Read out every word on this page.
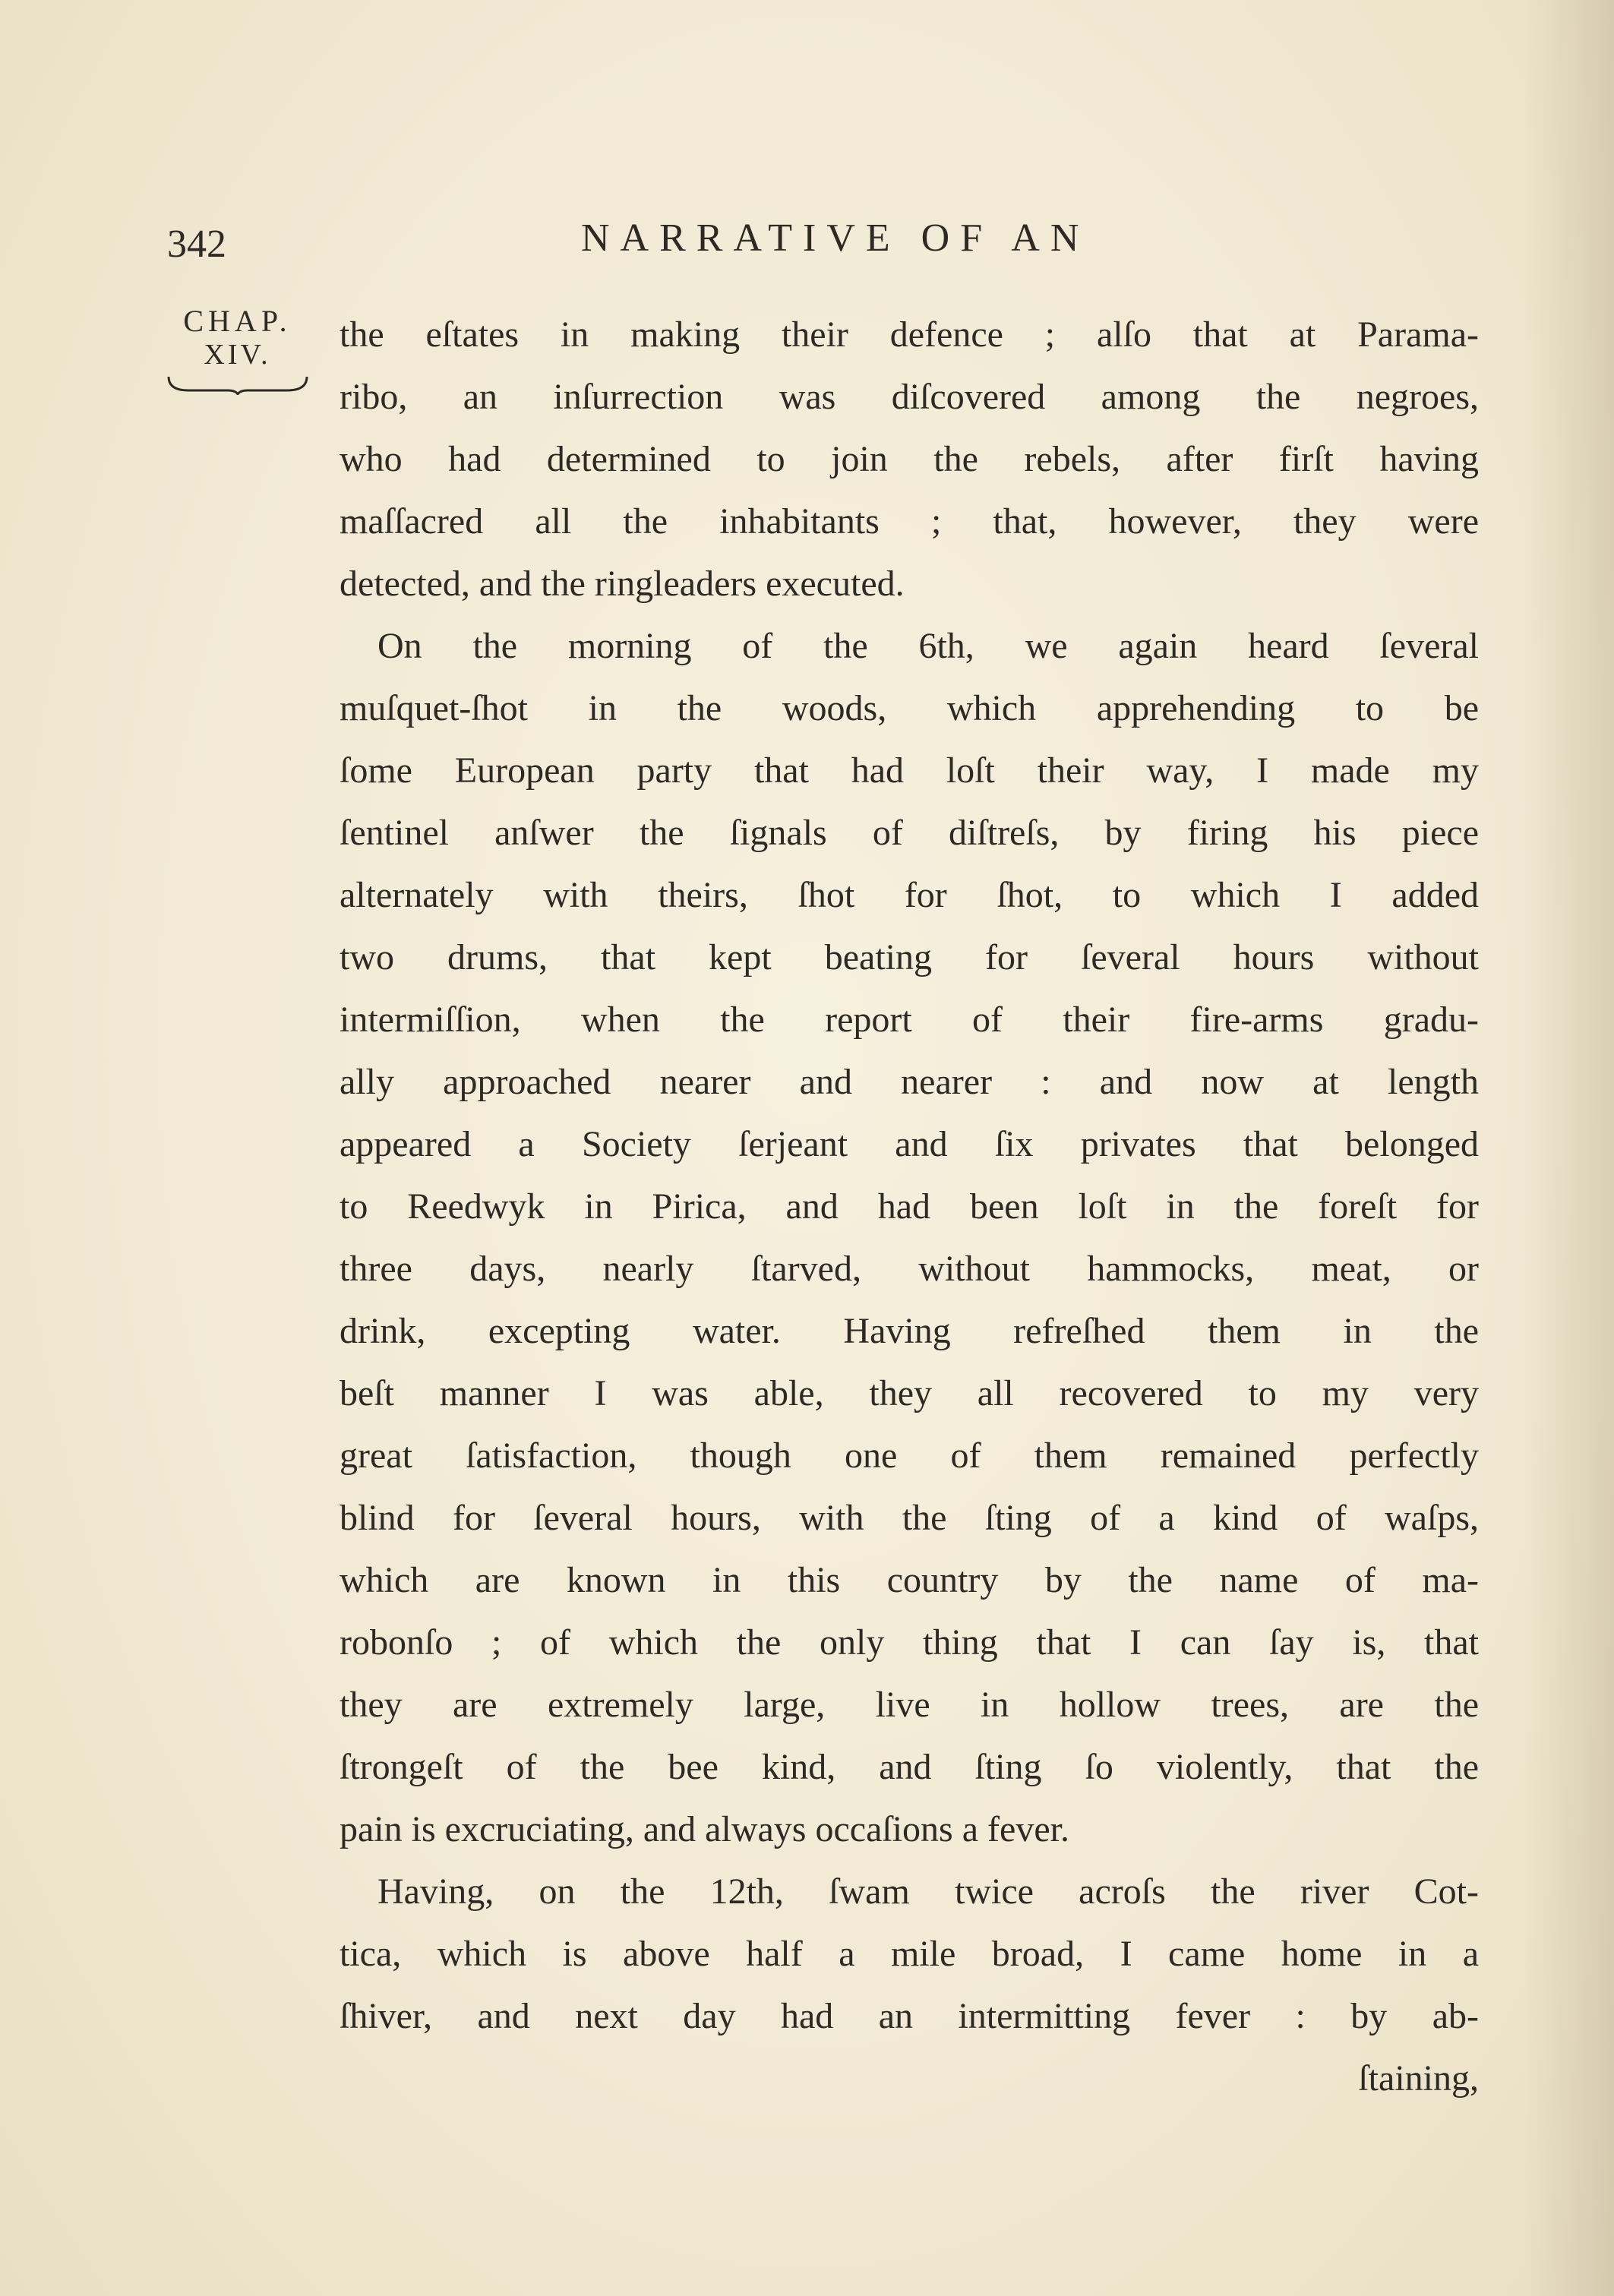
342	NARRATIVE OF AN
CHAP.
XIV.	the eſtates in making their defence ; alſo that at Parama-
ribo, an inſurrection was diſcovered among the negroes,
who had determined to join the rebels, after firſt having
maſſacred all the inhabitants ; that, however, they were
detected, and the ringleaders executed.
On the morning of the 6th, we again heard ſeveral
muſquet-ſhot in the woods, which apprehending to be
ſome European party that had loſt their way, I made my
ſentinel anſwer the ſignals of diſtreſs, by firing his piece
alternately with theirs, ſhot for ſhot, to which I added
two drums, that kept beating for ſeveral hours without
intermiſſion, when the report of their fire-arms gradu-
ally approached nearer and nearer : and now at length
appeared a Society ſerjeant and ſix privates that belonged
to Reedwyk in Pirica, and had been loſt in the foreſt for
three days, nearly ſtarved, without hammocks, meat, or
drink, excepting water. Having refreſhed them in the
beſt manner I was able, they all recovered to my very
great ſatisfaction, though one of them remained perfectly
blind for ſeveral hours, with the ſting of a kind of waſps,
which are known in this country by the name of ma-
robonſo ; of which the only thing that I can ſay is, that
they are extremely large, live in hollow trees, are the
ſtrongeſt of the bee kind, and ſting ſo violently, that the
pain is excruciating, and always occaſions a fever.
Having, on the 12th, ſwam twice acroſs the river Cot-
tica, which is above half a mile broad, I came home in a
ſhiver, and next day had an intermitting fever : by ab-
ſtaining,
